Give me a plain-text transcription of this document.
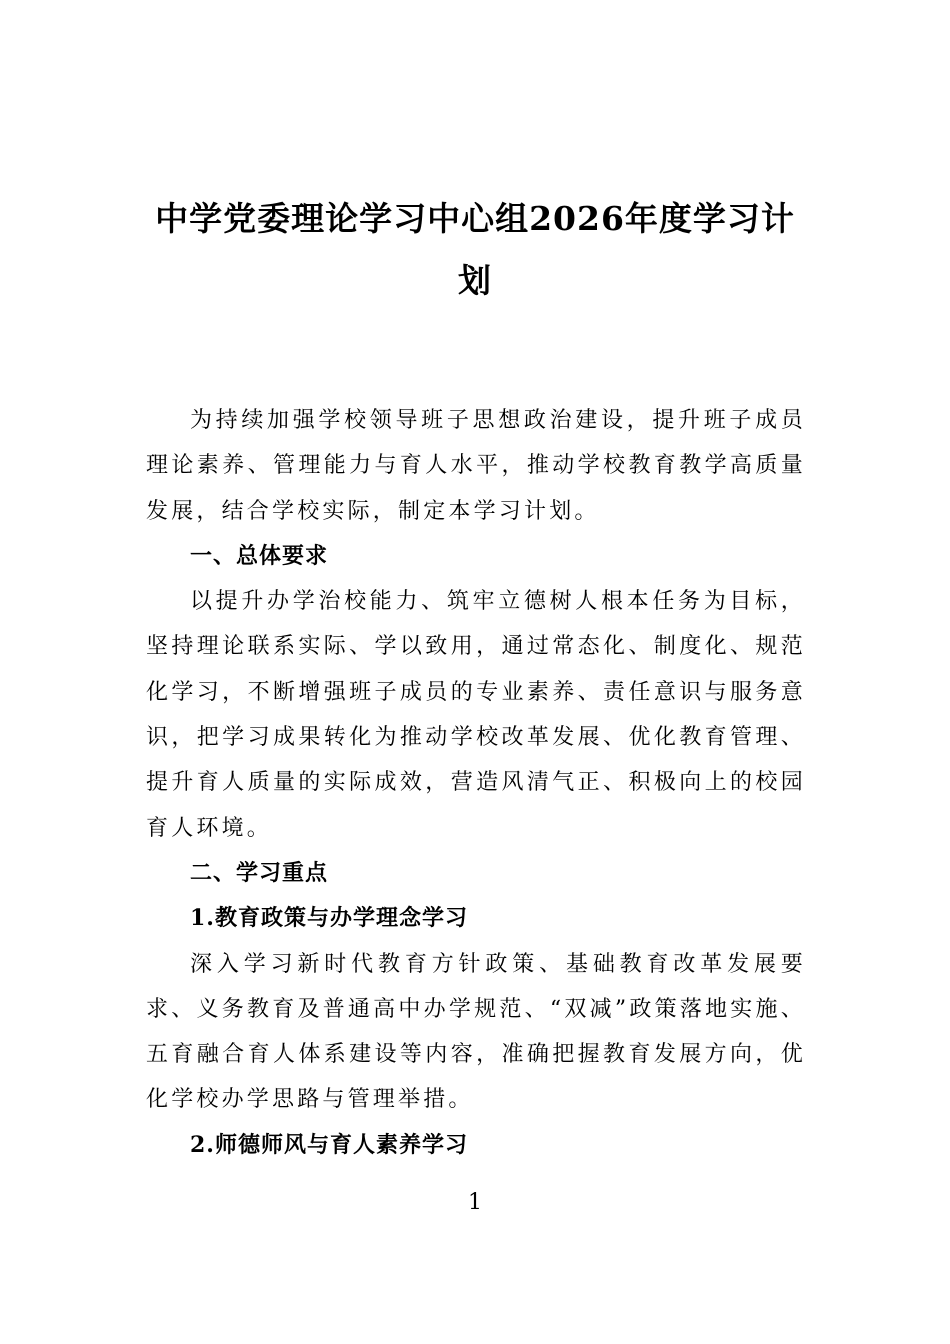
中学党委理论学习中心组2026年度学习计划

为持续加强学校领导班子思想政治建设，提升班子成员理论素养、管理能力与育人水平，推动学校教育教学高质量发展，结合学校实际，制定本学习计划。

一、总体要求

以提升办学治校能力、筑牢立德树人根本任务为目标，坚持理论联系实际、学以致用，通过常态化、制度化、规范化学习，不断增强班子成员的专业素养、责任意识与服务意识，把学习成果转化为推动学校改革发展、优化教育管理、提升育人质量的实际成效，营造风清气正、积极向上的校园育人环境。

二、学习重点

1.教育政策与办学理念学习

深入学习新时代教育方针政策、基础教育改革发展要求、义务教育及普通高中办学规范、“双减”政策落地实施、五育融合育人体系建设等内容，准确把握教育发展方向，优化学校办学思路与管理举措。

2.师德师风与育人素养学习

1
